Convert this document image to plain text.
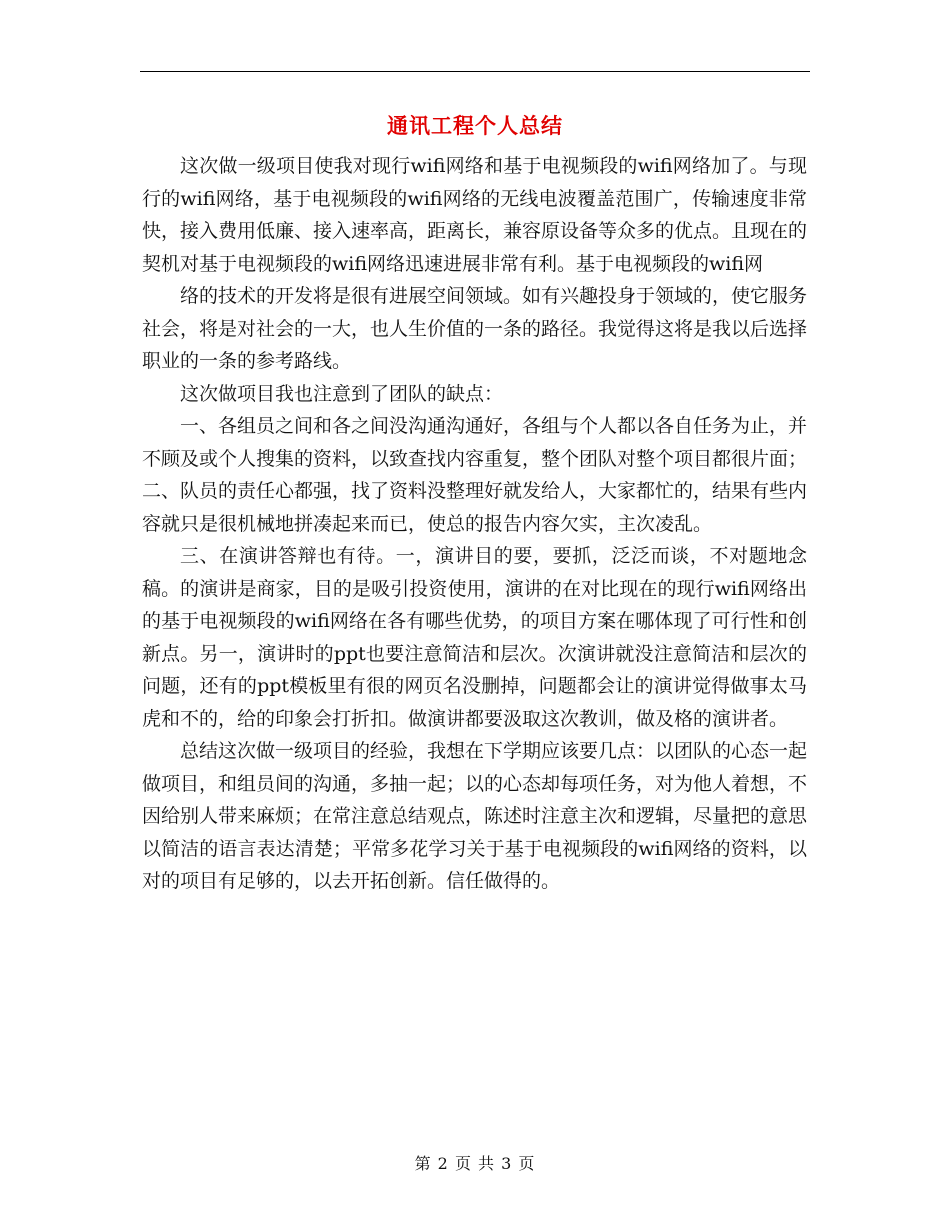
通讯工程个人总结

这次做一级项目使我对现行wifi网络和基于电视频段的wifi网络加了。与现行的wifi网络，基于电视频段的wifi网络的无线电波覆盖范围广，传输速度非常快，接入费用低廉、接入速率高，距离长，兼容原设备等众多的优点。且现在的契机对基于电视频段的wifi网络迅速进展非常有利。基于电视频段的wifi网

络的技术的开发将是很有进展空间领域。如有兴趣投身于领域的，使它服务社会，将是对社会的一大，也人生价值的一条的路径。我觉得这将是我以后选择职业的一条的参考路线。

这次做项目我也注意到了团队的缺点：

一、各组员之间和各之间没沟通沟通好，各组与个人都以各自任务为止，并不顾及或个人搜集的资料，以致查找内容重复，整个团队对整个项目都很片面；二、队员的责任心都强，找了资料没整理好就发给人，大家都忙的，结果有些内容就只是很机械地拼凑起来而已，使总的报告内容欠实，主次凌乱。

三、在演讲答辩也有待。一，演讲目的要，要抓，泛泛而谈，不对题地念稿。的演讲是商家，目的是吸引投资使用，演讲的在对比现在的现行wifi网络出的基于电视频段的wifi网络在各有哪些优势，的项目方案在哪体现了可行性和创新点。另一，演讲时的ppt也要注意简洁和层次。次演讲就没注意简洁和层次的问题，还有的ppt模板里有很的网页名没删掉，问题都会让的演讲觉得做事太马虎和不的，给的印象会打折扣。做演讲都要汲取这次教训，做及格的演讲者。

总结这次做一级项目的经验，我想在下学期应该要几点：以团队的心态一起做项目，和组员间的沟通，多抽一起；以的心态却每项任务，对为他人着想，不因给别人带来麻烦；在常注意总结观点，陈述时注意主次和逻辑，尽量把的意思以简洁的语言表达清楚；平常多花学习关于基于电视频段的wifi网络的资料，以对的项目有足够的，以去开拓创新。信任做得的。

第 2 页 共 3 页
